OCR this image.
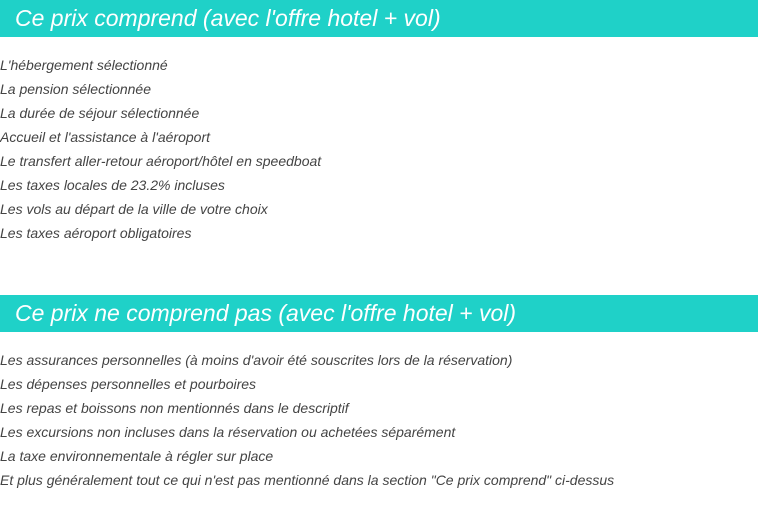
Ce prix comprend (avec l'offre hotel + vol)
L'hébergement sélectionné
La pension sélectionnée
La durée de séjour sélectionnée
Accueil et l'assistance à l'aéroport
Le transfert aller-retour aéroport/hôtel en speedboat
Les taxes locales de 23.2% incluses
Les vols au départ de la ville de votre choix
Les taxes aéroport obligatoires
Ce prix ne comprend pas (avec l'offre hotel + vol)
Les assurances personnelles (à moins d'avoir été souscrites lors de la réservation)
Les dépenses personnelles et pourboires
Les repas et boissons non mentionnés dans le descriptif
Les excursions non incluses dans la réservation ou achetées séparément
La taxe environnementale à régler sur place
Et plus généralement tout ce qui n'est pas mentionné dans la section "Ce prix comprend" ci-dessus
